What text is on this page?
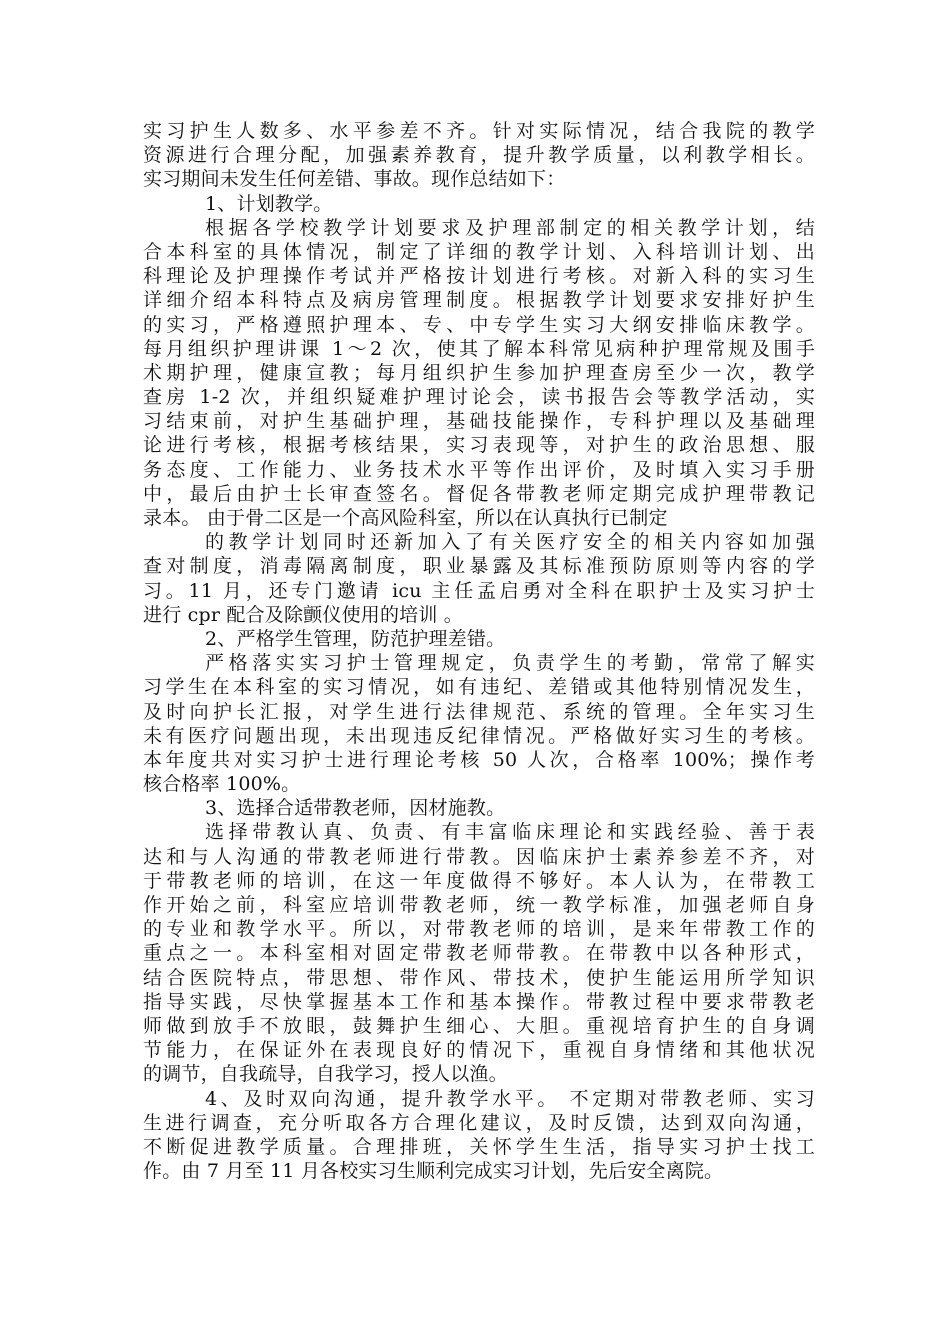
实习护生人数多、水平参差不齐。针对实际情况，结合我院的教学
资源进行合理分配，加强素养教育，提升教学质量，以利教学相长。
实习期间未发生任何差错、事故。现作总结如下：
1、计划教学。
根据各学校教学计划要求及护理部制定的相关教学计划，结
合本科室的具体情况，制定了详细的教学计划、入科培训计划、出
科理论及护理操作考试并严格按计划进行考核。对新入科的实习生
详细介绍本科特点及病房管理制度。根据教学计划要求安排好护生
的实习，严格遵照护理本、专、中专学生实习大纲安排临床教学。
每月组织护理讲课 1～2 次，使其了解本科常见病种护理常规及围手
术期护理，健康宣教；每月组织护生参加护理查房至少一次，教学
查房 1-2 次，并组织疑难护理讨论会，读书报告会等教学活动，实
习结束前，对护生基础护理，基础技能操作，专科护理以及基础理
论进行考核，根据考核结果，实习表现等，对护生的政治思想、服
务态度、工作能力、业务技术水平等作出评价，及时填入实习手册
中，最后由护士长审查签名。督促各带教老师定期完成护理带教记
录本。 由于骨二区是一个高风险科室，所以在认真执行已制定
的教学计划同时还新加入了有关医疗安全的相关内容如加强
查对制度，消毒隔离制度，职业暴露及其标准预防原则等内容的学
习。11 月，还专门邀请 icu 主任孟启勇对全科在职护士及实习护士
进行 cpr 配合及除颤仪使用的培训 。
2、严格学生管理，防范护理差错。
严格落实实习护士管理规定，负责学生的考勤，常常了解实
习学生在本科室的实习情况，如有违纪、差错或其他特别情况发生，
及时向护长汇报，对学生进行法律规范、系统的管理。全年实习生
未有医疗问题出现，未出现违反纪律情况。严格做好实习生的考核。
本年度共对实习护士进行理论考核 50 人次，合格率 100%；操作考
核合格率 100%。
3、选择合适带教老师，因材施教。
选择带教认真、负责、有丰富临床理论和实践经验、善于表
达和与人沟通的带教老师进行带教。因临床护士素养参差不齐，对
于带教老师的培训，在这一年度做得不够好。本人认为，在带教工
作开始之前，科室应培训带教老师，统一教学标准，加强老师自身
的专业和教学水平。所以，对带教老师的培训，是来年带教工作的
重点之一。本科室相对固定带教老师带教。在带教中以各种形式，
结合医院特点，带思想、带作风、带技术，使护生能运用所学知识
指导实践，尽快掌握基本工作和基本操作。带教过程中要求带教老
师做到放手不放眼，鼓舞护生细心、大胆。重视培育护生的自身调
节能力，在保证外在表现良好的情况下，重视自身情绪和其他状况
的调节，自我疏导，自我学习，授人以渔。
4、及时双向沟通，提升教学水平。 不定期对带教老师、实习
生进行调查，充分听取各方合理化建议，及时反馈，达到双向沟通，
不断促进教学质量。合理排班，关怀学生生活，指导实习护士找工
作。由 7 月至 11 月各校实习生顺利完成实习计划，先后安全离院。
